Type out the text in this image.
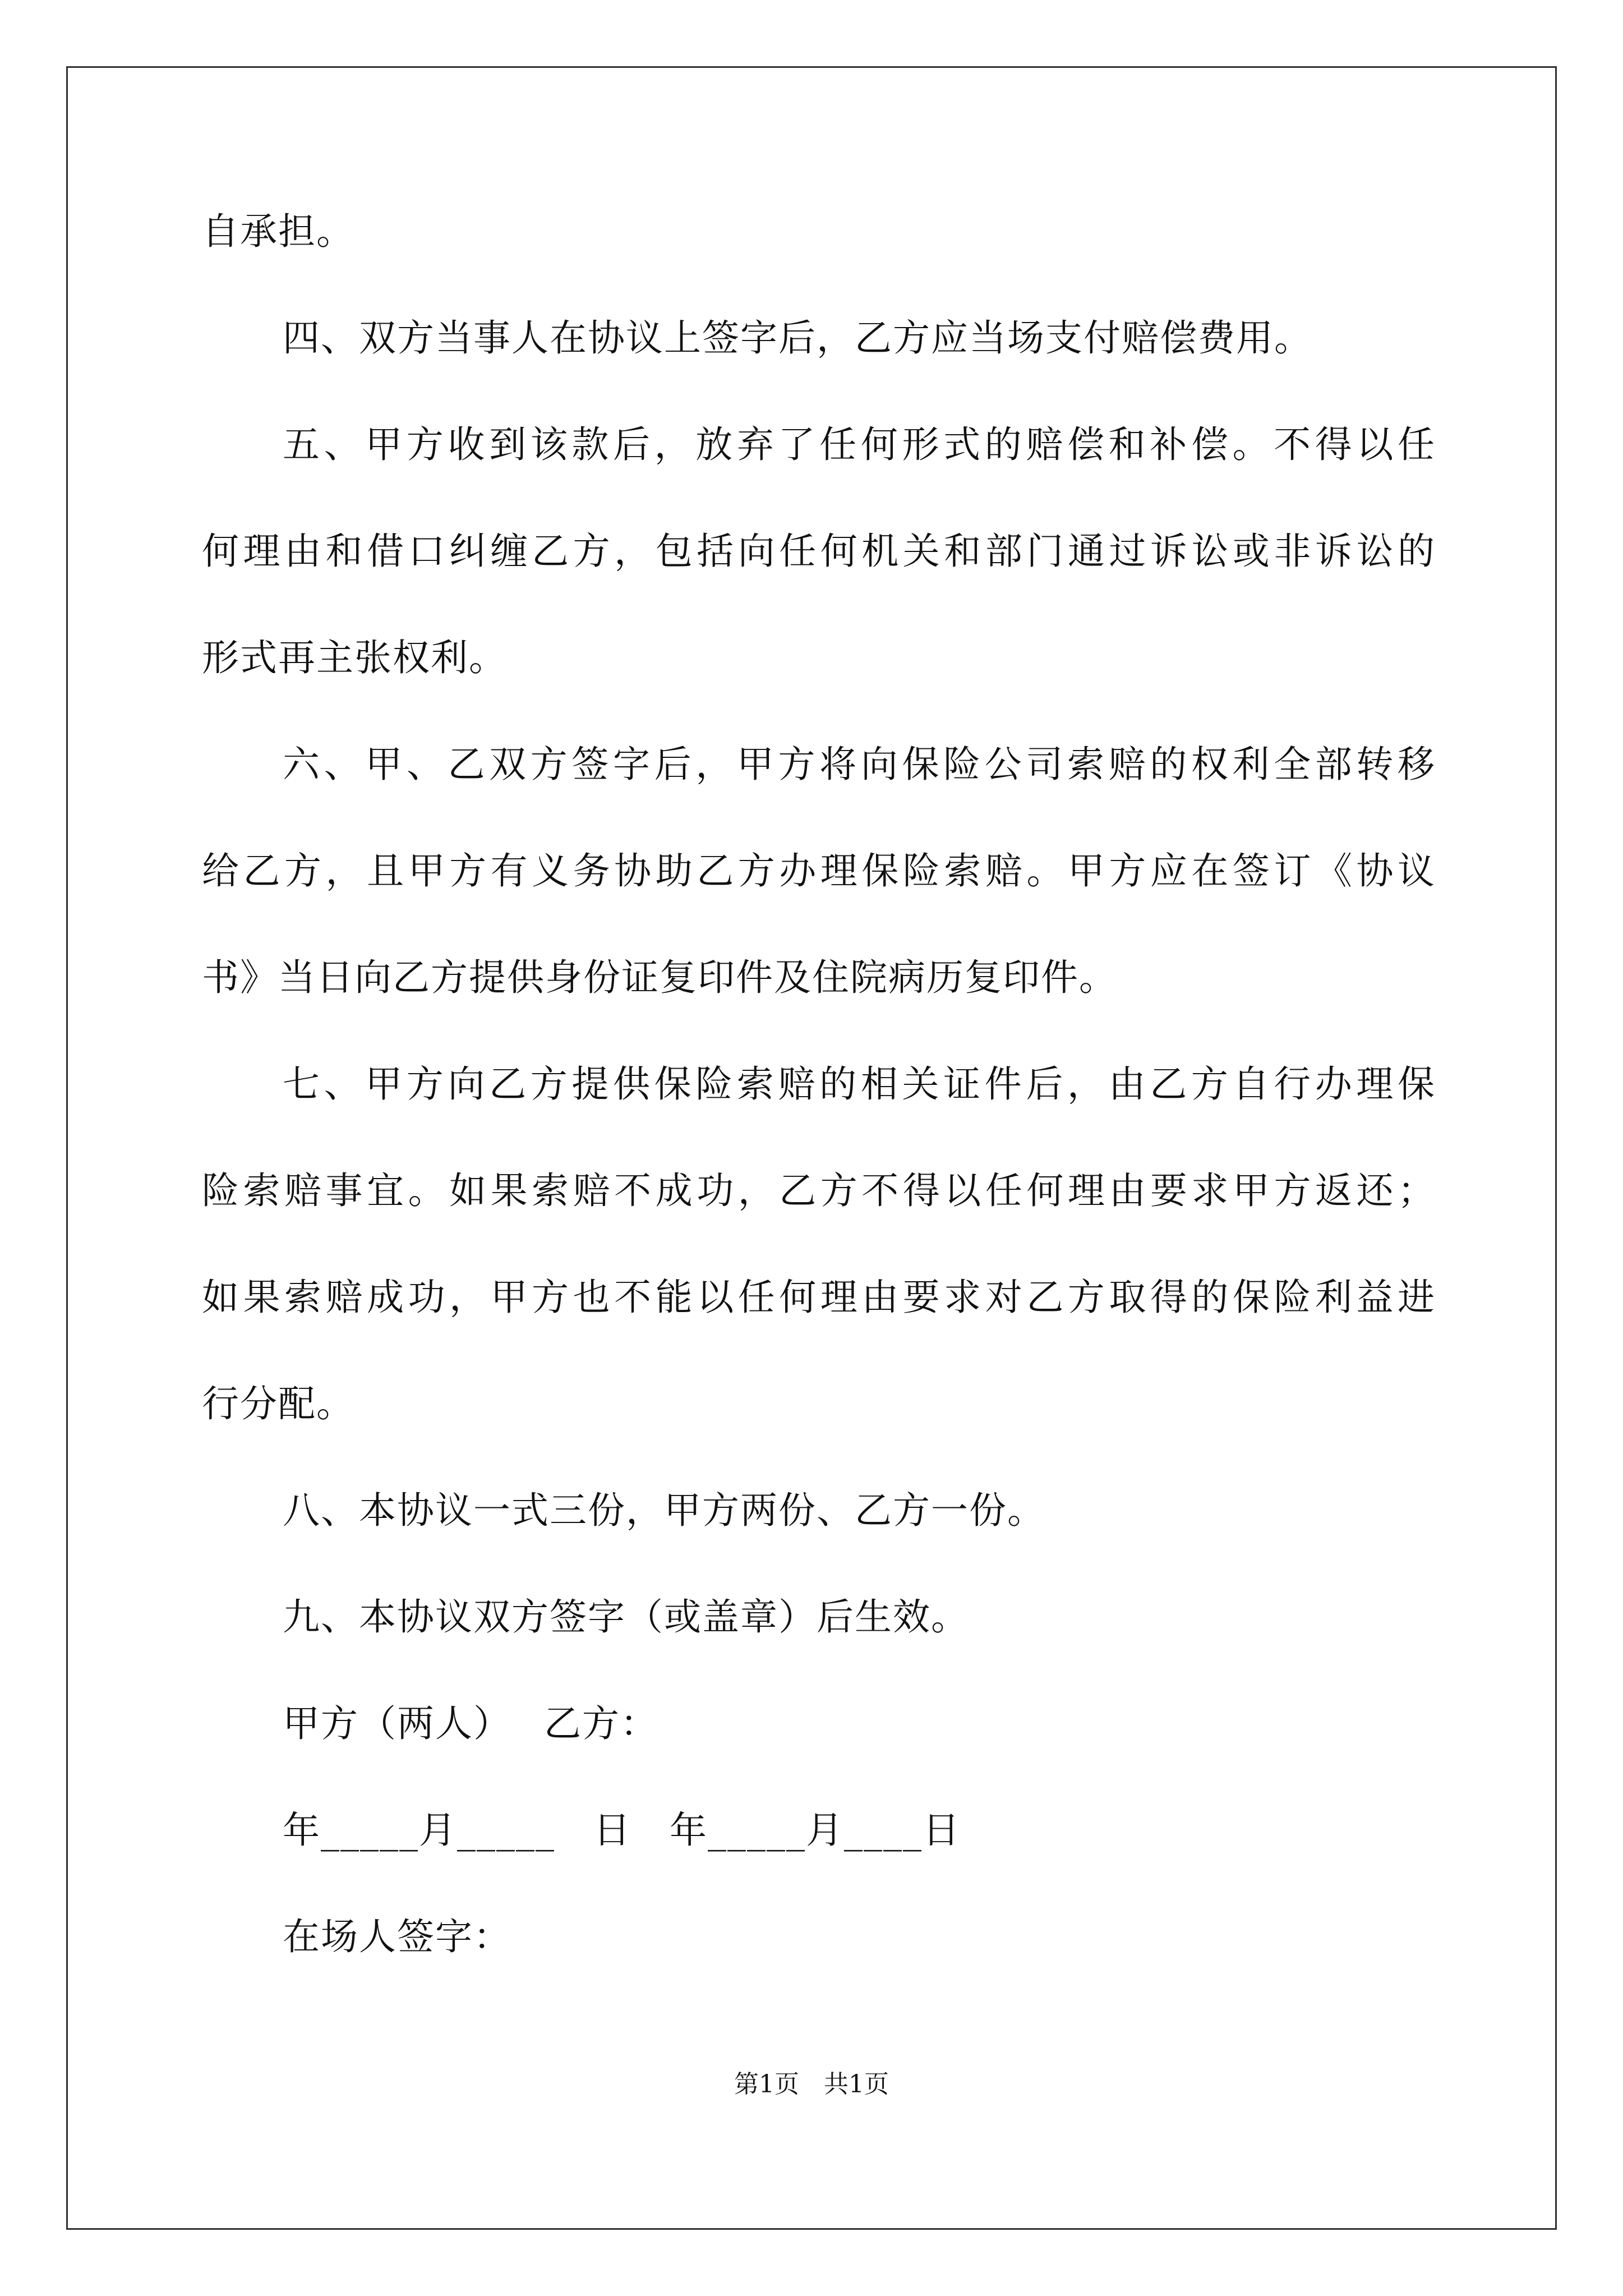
自承担。
四、双方当事人在协议上签字后，乙方应当场支付赔偿费用。
五、甲方收到该款后，放弃了任何形式的赔偿和补偿。不得以任
何理由和借口纠缠乙方，包括向任何机关和部门通过诉讼或非诉讼的
形式再主张权利。
六、甲、乙双方签字后，甲方将向保险公司索赔的权利全部转移
给乙方，且甲方有义务协助乙方办理保险索赔。甲方应在签订《协议
书》当日向乙方提供身份证复印件及住院病历复印件。
七、甲方向乙方提供保险索赔的相关证件后，由乙方自行办理保
险索赔事宜。如果索赔不成功，乙方不得以任何理由要求甲方返还；
如果索赔成功，甲方也不能以任何理由要求对乙方取得的保险利益进
行分配。
八、本协议一式三份，甲方两份、乙方一份。
九、本协议双方签字（或盖章）后生效。
甲方（两人）　 乙方：
年_____月_____　日　年_____月____日
在场人签字：
第1页　共1页
